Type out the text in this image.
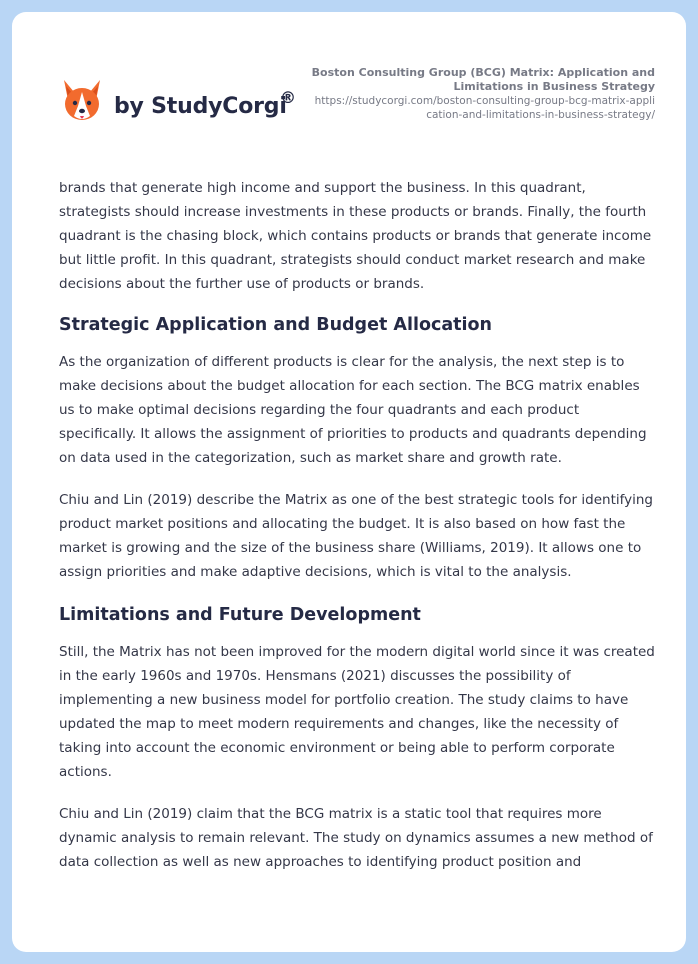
by StudyCorgi
®
Boston Consulting Group (BCG) Matrix: Application and Limitations in Business Strategy
https://studycorgi.com/boston-consulting-group-bcg-matrix-application-and-limitations-in-business-strategy/

brands that generate high income and support the business. In this quadrant, strategists should increase investments in these products or brands. Finally, the fourth quadrant is the chasing block, which contains products or brands that generate income but little profit. In this quadrant, strategists should conduct market research and make decisions about the further use of products or brands.

Strategic Application and Budget Allocation

As the organization of different products is clear for the analysis, the next step is to make decisions about the budget allocation for each section. The BCG matrix enables us to make optimal decisions regarding the four quadrants and each product specifically. It allows the assignment of priorities to products and quadrants depending on data used in the categorization, such as market share and growth rate.

Chiu and Lin (2019) describe the Matrix as one of the best strategic tools for identifying product market positions and allocating the budget. It is also based on how fast the market is growing and the size of the business share (Williams, 2019). It allows one to assign priorities and make adaptive decisions, which is vital to the analysis.

Limitations and Future Development

Still, the Matrix has not been improved for the modern digital world since it was created in the early 1960s and 1970s. Hensmans (2021) discusses the possibility of implementing a new business model for portfolio creation. The study claims to have updated the map to meet modern requirements and changes, like the necessity of taking into account the economic environment or being able to perform corporate actions.

Chiu and Lin (2019) claim that the BCG matrix is a static tool that requires more dynamic analysis to remain relevant. The study on dynamics assumes a new method of data collection as well as new approaches to identifying product position and
